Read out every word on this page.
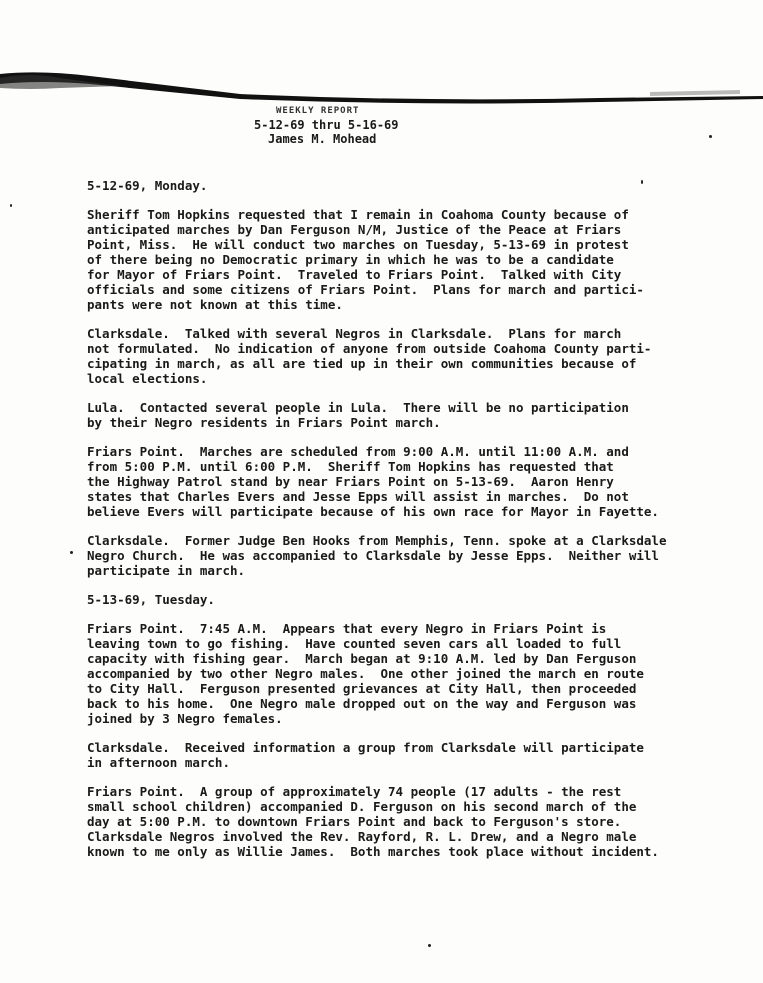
WEEKLY REPORT
5-12-69 thru 5-16-69
James M. Mohead

5-12-69, Monday.

Sheriff Tom Hopkins requested that I remain in Coahoma County because of

anticipated marches by Dan Ferguson N/M, Justice of the Peace at Friars

Point, Miss.  He will conduct two marches on Tuesday, 5-13-69 in protest

of there being no Democratic primary in which he was to be a candidate

for Mayor of Friars Point.  Traveled to Friars Point.  Talked with City

officials and some citizens of Friars Point.  Plans for march and partici-

pants were not known at this time.

Clarksdale.  Talked with several Negros in Clarksdale.  Plans for march

not formulated.  No indication of anyone from outside Coahoma County parti-

cipating in march, as all are tied up in their own communities because of

local elections.

Lula.  Contacted several people in Lula.  There will be no participation

by their Negro residents in Friars Point march.

Friars Point.  Marches are scheduled from 9:00 A.M. until 11:00 A.M. and

from 5:00 P.M. until 6:00 P.M.  Sheriff Tom Hopkins has requested that

the Highway Patrol stand by near Friars Point on 5-13-69.  Aaron Henry

states that Charles Evers and Jesse Epps will assist in marches.  Do not

believe Evers will participate because of his own race for Mayor in Fayette.

Clarksdale.  Former Judge Ben Hooks from Memphis, Tenn. spoke at a Clarksdale

Negro Church.  He was accompanied to Clarksdale by Jesse Epps.  Neither will

participate in march.

5-13-69, Tuesday.

Friars Point.  7:45 A.M.  Appears that every Negro in Friars Point is

leaving town to go fishing.  Have counted seven cars all loaded to full

capacity with fishing gear.  March began at 9:10 A.M. led by Dan Ferguson

accompanied by two other Negro males.  One other joined the march en route

to City Hall.  Ferguson presented grievances at City Hall, then proceeded

back to his home.  One Negro male dropped out on the way and Ferguson was

joined by 3 Negro females.

Clarksdale.  Received information a group from Clarksdale will participate

in afternoon march.

Friars Point.  A group of approximately 74 people (17 adults - the rest

small school children) accompanied D. Ferguson on his second march of the

day at 5:00 P.M. to downtown Friars Point and back to Ferguson's store.

Clarksdale Negros involved the Rev. Rayford, R. L. Drew, and a Negro male

known to me only as Willie James.  Both marches took place without incident.
